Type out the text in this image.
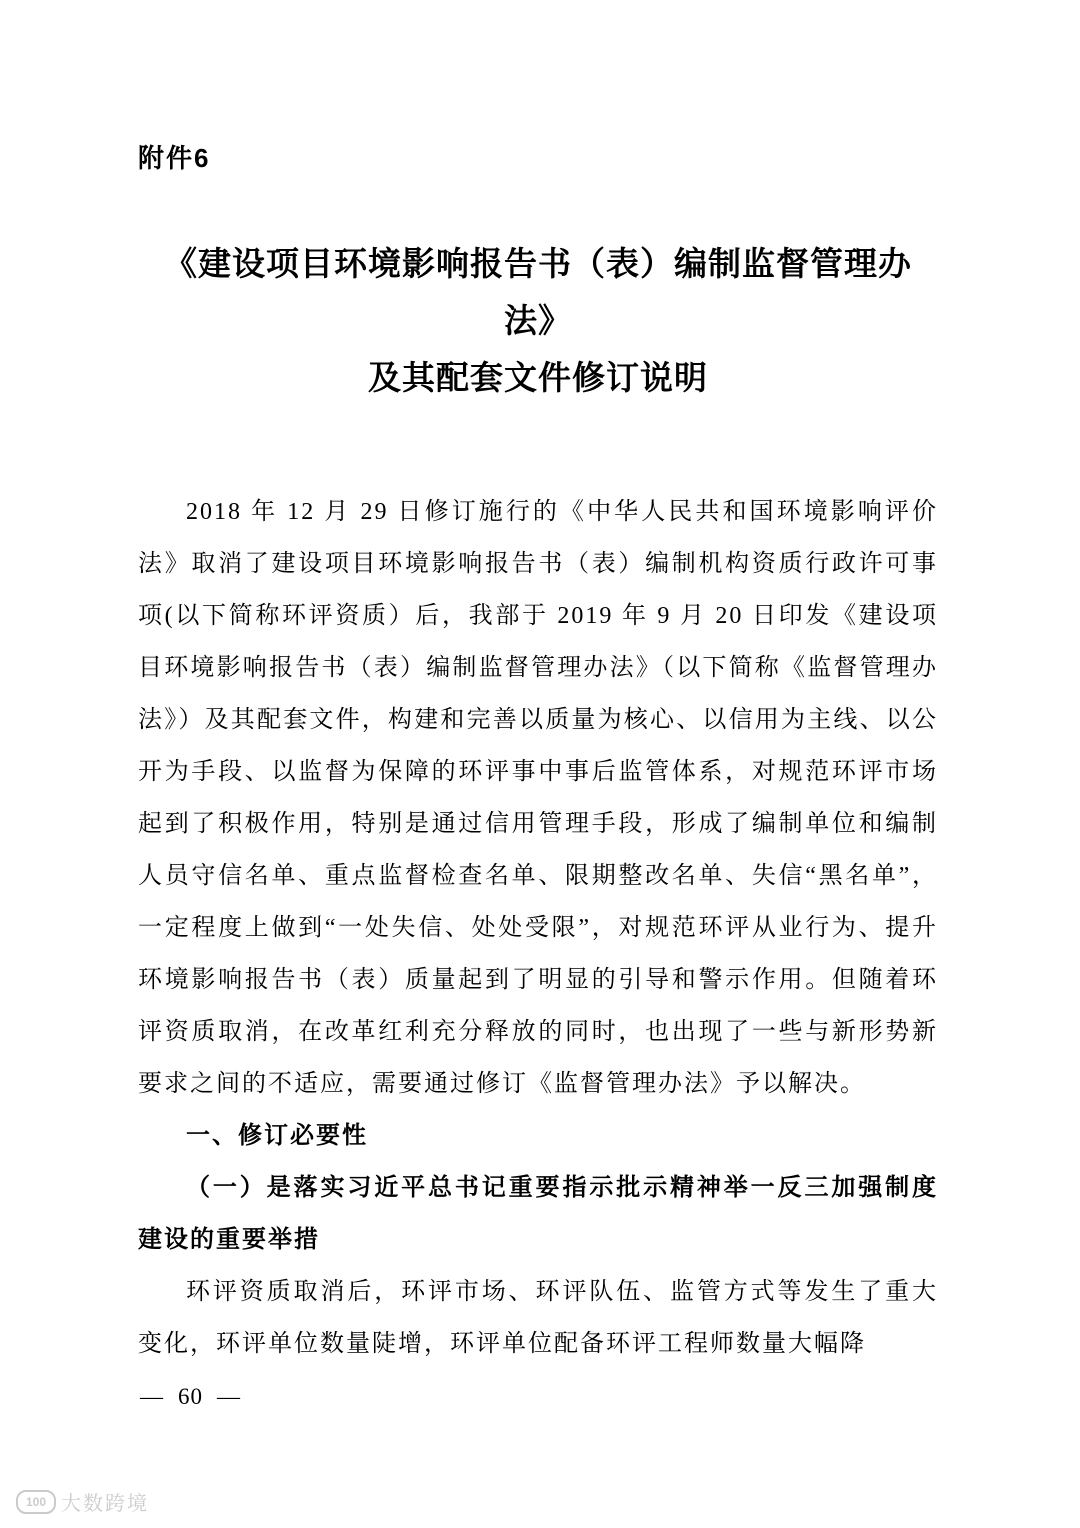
附件6
《建设项目环境影响报告书（表）编制监督管理办法》
及其配套文件修订说明

2018 年 12 月 29 日修订施行的《中华人民共和国环境影响评价法》取消了建设项目环境影响报告书（表）编制机构资质行政许可事项(以下简称环评资质）后，我部于 2019 年 9 月 20 日印发《建设项目环境影响报告书（表）编制监督管理办法》（以下简称《监督管理办法》）及其配套文件，构建和完善以质量为核心、以信用为主线、以公开为手段、以监督为保障的环评事中事后监管体系，对规范环评市场起到了积极作用，特别是通过信用管理手段，形成了编制单位和编制人员守信名单、重点监督检查名单、限期整改名单、失信“黑名单”，一定程度上做到“一处失信、处处受限”，对规范环评从业行为、提升环境影响报告书（表）质量起到了明显的引导和警示作用。但随着环评资质取消，在改革红利充分释放的同时，也出现了一些与新形势新要求之间的不适应，需要通过修订《监督管理办法》予以解决。

一、修订必要性

（一）是落实习近平总书记重要指示批示精神举一反三加强制度建设的重要举措

环评资质取消后，环评市场、环评队伍、监管方式等发生了重大变化，环评单位数量陡增，环评单位配备环评工程师数量大幅降

— 60 —
100 大数跨境
